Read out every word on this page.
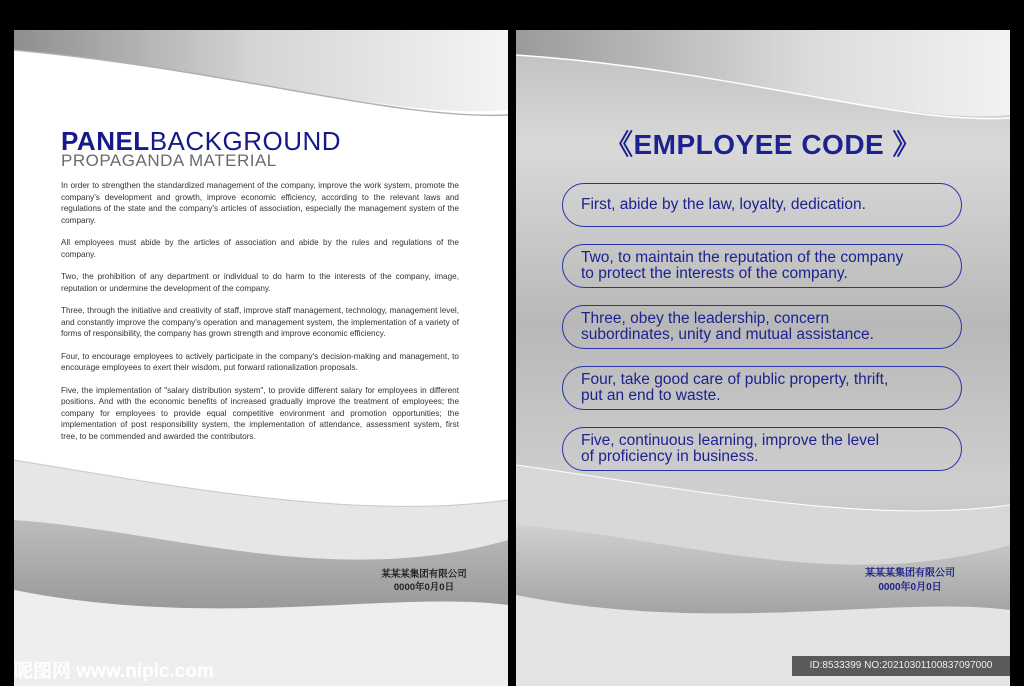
PANELBACKGROUND
PROPAGANDA MATERIAL

In order to strengthen the standardized management of the company, improve the work system, promote the company's development and growth, improve economic efficiency, according to the relevant laws and regulations of the state and the company's articles of association, especially the management system of the company.

All employees must abide by the articles of association and abide by the rules and regulations of the company.

Two, the prohibition of any department or individual to do harm to the interests of the company, image, reputation or undermine the development of the company.

Three, through the initiative and creativity of staff, improve staff management, technology, management level, and constantly improve the company's operation and management system, the implementation of a variety of forms of responsibility, the company has grown strength and improve economic efficiency.

Four, to encourage employees to actively participate in the company's decision-making and management, to encourage employees to exert their wisdom, put forward rationalization proposals.

Five, the implementation of "salary distribution system", to provide different salary for employees in different positions. And with the economic benefits of increased gradually improve the treatment of employees; the company for employees to provide equal competitive environment and promotion opportunities; the implementation of post responsibility system, the implementation of attendance, assessment system, first tree, to be commended and awarded the contributors.

某某某集团有限公司
0000年0月0日
《EMPLOYEE CODE 》
First, abide by the law, loyalty, dedication.
Two, to maintain the reputation of the company
to protect the interests of the company.
Three, obey the leadership, concern
subordinates, unity and mutual assistance.
Four, take good care of public property, thrift,
put an end to waste.
Five, continuous learning, improve the level
of proficiency in business.
某某某集团有限公司
0000年0月0日
昵图网 www.nipic.com	ID:8533399 NO:20210301100837097000
